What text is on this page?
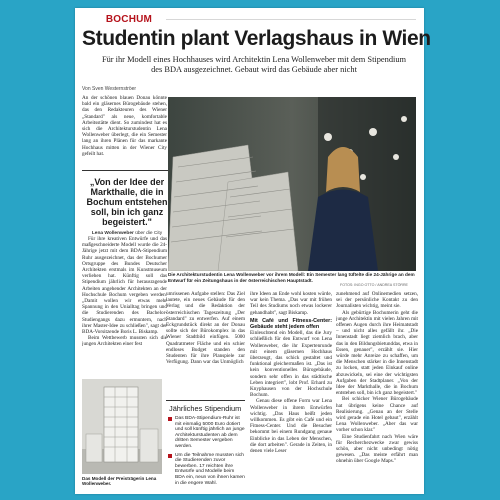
BOCHUM
Studentin plant Verlagshaus in Wien
Für ihr Modell eines Hochhauses wird Architektin Lena Wollenweber mit dem Stipendium des BDA ausgezeichnet. Gebaut wird das Gebäude aber nicht
Von Sven Westernströer

An der schönen blauen Donau könnte bald ein gläsernes Bürogebäude stehen, das den Redakteuren des Wiener „Standard" als neue, komfortable Arbeitsstätte dient. So zumindest hat es sich die Architekturstudentin Lena Wollenweber überlegt, die ein Semester lang an ihren Plänen für das markante Hochhaus mitten in der Wiener City gefeilt hat.

„Von der Idee der Markthalle, die in Bochum entstehen soll, bin ich ganz begeistert."
Lena Wollenweber über die City

Für ihre kreativen Entwürfe und das maßgeschneiderte Modell wurde die 24-Jährige jetzt mit dem BDA-Stipendium Ruhr ausgezeichnet, das der Bochumer Ortsgruppe des Bundes Deutscher Architekten erstmals im Kunstmuseum verliehen hat. Künftig soll das Stipendium jährlich für herausragende Arbeiten angehender Architekten an der Hochschule Bochum vergeben werden. „Damit wollen wir etwas mehr Spannung in den Unialltag bringen und die Studierenden des Bachelor-Studiengangs dazu ermuntern, nach ihrer Master-Idee zu schließen", sagt der BDA-Vorsitzende Boris L. Biskamp.

Beim Wettbewerb mussten sich die jungen Architekten einer fest

Die Architekturstudentin Lena Wollenweber vor ihrem Modell: Ein Semester lang tüftelte die 24-Jährige an dem Entwurf für ein Zeitungshaus in der österreichischen Hauptstadt.
FOTOS: INGO OTTO / ANDREA STÖRRE

umrissenen Aufgabe stellen: Das Ziel lautete, ein neues Gebäude für den Verlag und die Redaktion der österreichischen Tageszeitung „Der Standard" zu entwerfen. Auf einem Eckgrundstück direkt an der Donau sollte sich der Bürokomplex in das Wiener Stadtbild einfügen. 5000 Quadratmeter Fläche und ein schier endloses Budget standen den Studenten für ihre Planspiele zur Verfügung. Dann war das Unmöglich

ihre Ideen an Ende wohl kosten würde, war kein Thema. „Das war mit frühen Teil des Studiums noch etwas lockerer gehandhabt", sagt Biskamp.

Mit Café und Fitness-Center: Gebäude steht jedem offen

Einleuchtend ein Modell, das die Jury schließlich für den Entwurf von Lena Wollenweber, die ihr Expertenrunde mit einem gläsernen Hochhaus überzeugt, das schick gestaltet und funktional gleichermaßen ist. „Das ist kein konventionelles Bürogebäude, sondern sehr offen in das städtische Leben integriert", lobt Prof. Erhard zu Knyphausen von der Hochschule Bochum.

Genau diese offene Form war Lena Wollenweber in ihrem Entwürfen wichtig. „Das Haus heißt jeden willkommen. Es gibt ein Café und ein Fitness-Center. Und die Besucher bekommt bei einem Rundgang genaue Einblicke in das Leben der Menschen, die dort arbeiten". Gerade in Zeiten, in denen viele Leser

zunehmend auf Onlinemedien setzen, sei der persönliche Kontakt zu den Journalisten wichtig, meint sie.

Als gebürtige Bochumerin geht die junge Architektin mit vielen Jahren mit offenen Augen durch ihre Heimatstadt – und nicht alles gefällt ihr. „Die Innenstadt liegt ziemlich brach, aber das in den Bildungsbietunddas, etwa in Essen, genauer", erzählt sie. Hier würde mehr Anreize zu schaffen, um die Menschen stärker in die Innenstadt zu locken, statt jeden Einkauf online abzuwickeln, sei eine der wichtigsten Aufgaben der Stadtplaner. „Von der Idee der Markthalle, die in Bochum entstehen soll, bin ich ganz begeistert."

Bei schicker Wiener Bürogebäude hat übrigens keine Chance auf Realisierung. „Genau an der Stelle wird gerade ein Hotel gebaut", erzählt Lena Wollenweber. „Aber das war vorher schon klar."

Eine Studienfahrt nach Wien wäre für Recherchezwecke zwar gewiss schön, aber nicht unbedingt nötig gewesen. „Das meiste erfährt man ohnehin über Google Maps."

Jährliches Stipendium
Das BDA-Stipendium-Ruhr ist mit einmalig 5000 Euro dotiert und soll künftig jährlich an junge Architekturstudenten ab dem dritten Semester vergeben werden.
Um die Teilnahme mussten sich die Studierenden zuvor bewerben. 17 reichten ihre Entwürfe und Modelle beim BDA ein, neun von ihnen kamen in die engere Wahl.
Das Modell der Preisträgerin Lena Wollenweber.
